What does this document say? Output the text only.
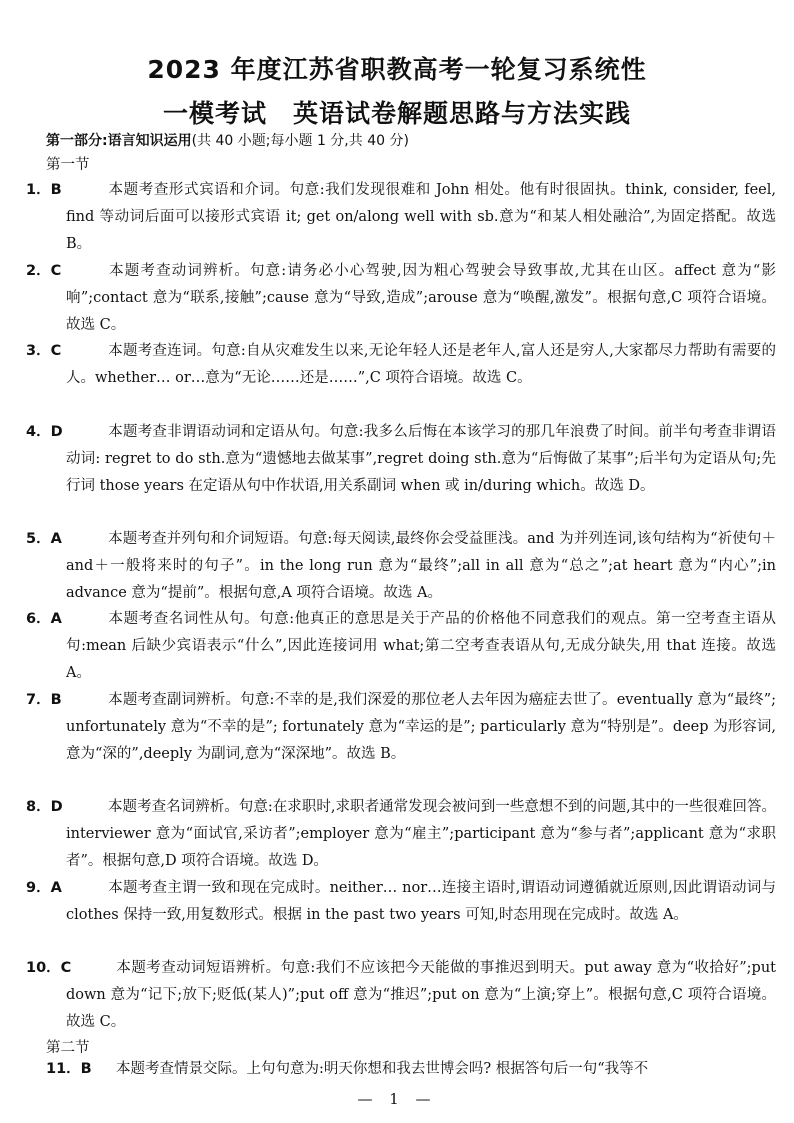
2023 年度江苏省职教高考一轮复习系统性
一模考试　英语试卷解题思路与方法实践
第一部分:语言知识运用(共 40 小题;每小题 1 分,共 40 分)
第一节
1．B	本题考查形式宾语和介词。句意:我们发现很难和 John 相处。他有时很固执。think, consider, feel, find 等动词后面可以接形式宾语 it; get on/along well with sb.意为“和某人相处融洽”,为固定搭配。故选 B。
2．C	本题考查动词辨析。句意:请务必小心驾驶,因为粗心驾驶会导致事故,尤其在山区。affect 意为“影响”;contact 意为“联系,接触”;cause 意为“导致,造成”;arouse 意为“唤醒,激发”。根据句意,C 项符合语境。故选 C。
3．C	本题考查连词。句意:自从灾难发生以来,无论年轻人还是老年人,富人还是穷人,大家都尽力帮助有需要的人。whether… or…意为“无论……还是……”,C 项符合语境。故选 C。
4．D	本题考查非谓语动词和定语从句。句意:我多么后悔在本该学习的那几年浪费了时间。前半句考查非谓语动词: regret to do sth.意为“遗憾地去做某事”,regret doing sth.意为“后悔做了某事”;后半句为定语从句;先行词 those years 在定语从句中作状语,用关系副词 when 或 in/during which。故选 D。
5．A	本题考查并列句和介词短语。句意:每天阅读,最终你会受益匪浅。and 为并列连词,该句结构为“祈使句＋and＋一般将来时的句子”。in the long run 意为“最终”;all in all 意为“总之”;at heart 意为“内心”;in advance 意为“提前”。根据句意,A 项符合语境。故选 A。
6．A	本题考查名词性从句。句意:他真正的意思是关于产品的价格他不同意我们的观点。第一空考查主语从句:mean 后缺少宾语表示“什么”,因此连接词用 what;第二空考查表语从句,无成分缺失,用 that 连接。故选 A。
7．B	本题考查副词辨析。句意:不幸的是,我们深爱的那位老人去年因为癌症去世了。eventually 意为“最终”; unfortunately 意为“不幸的是”; fortunately 意为“幸运的是”; particularly 意为“特别是”。deep 为形容词,意为“深的”,deeply 为副词,意为“深深地”。故选 B。
8．D	本题考查名词辨析。句意:在求职时,求职者通常发现会被问到一些意想不到的问题,其中的一些很难回答。interviewer 意为“面试官,采访者”;employer 意为“雇主”;participant 意为“参与者”;applicant 意为“求职者”。根据句意,D 项符合语境。故选 D。
9．A	本题考查主谓一致和现在完成时。neither… nor…连接主语时,谓语动词遵循就近原则,因此谓语动词与 clothes 保持一致,用复数形式。根据 in the past two years 可知,时态用现在完成时。故选 A。
10．C	本题考查动词短语辨析。句意:我们不应该把今天能做的事推迟到明天。put away 意为“收拾好”;put down 意为“记下;放下;贬低(某人)”;put off 意为“推迟”;put on 意为“上演;穿上”。根据句意,C 项符合语境。故选 C。
第二节
11．B 本题考查情景交际。上句句意为:明天你想和我去世博会吗? 根据答句后一句“我等不
— 1 —
